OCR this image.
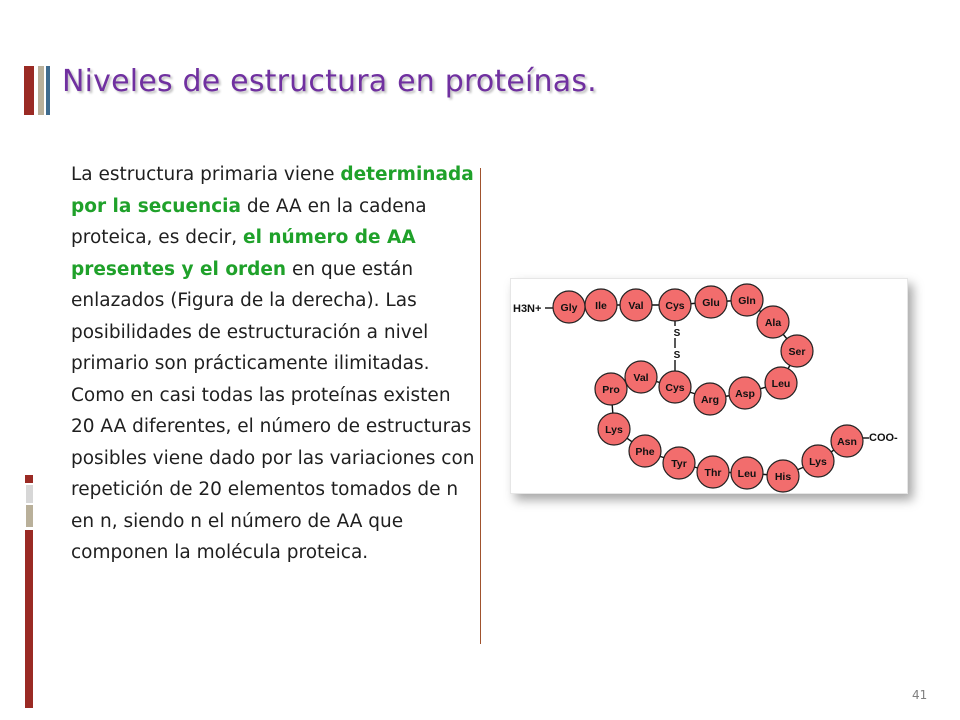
Niveles de estructura en proteínas.

La estructura primaria viene determinada por la secuencia de AA en la cadena proteica, es decir, el número de AA presentes y el orden en que están enlazados (Figura de la derecha). Las posibilidades de estructuración a nivel primario son prácticamente ilimitadas. Como en casi todas las proteínas existen 20 AA diferentes, el número de estructuras posibles viene dado por las variaciones con repetición de 20 elementos tomados de n en n, siendo n el número de AA que componen la molécula proteica.

Gly Ile Val Cys Glu Gln
Ala
Ser
Leu
Asp
Arg
Cys
Val
Pro
Lys
Phe
Tyr
Thr Leu His
Lys
Asn
S
S
H3N+
COO-
41
